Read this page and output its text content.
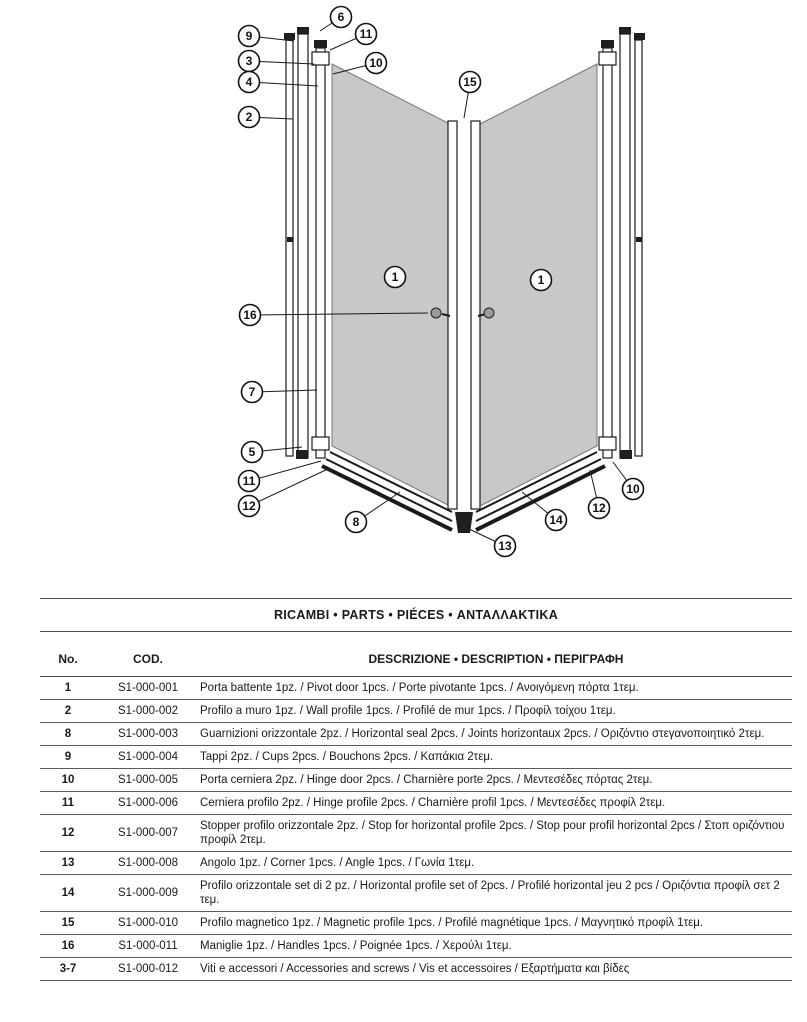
6
9
3
4
2
11
10
15
1	1
16
7
5
11
12
8
13
14
12
10
RICAMBI • PARTS • PIÉCES • ΑΝΤΑΛΛΑΚΤΙΚΑ
No.	COD.	DESCRIZIONE • DESCRIPTION • ΠΕΡΙΓΡΑΦΗ
1	S1-000-001	Porta battente 1pz. / Pivot door 1pcs. / Porte pivotante 1pcs. / Ανοιγόμενη πόρτα 1τεμ.
2	S1-000-002	Profilo a muro 1pz. / Wall profile 1pcs. / Profilé de mur 1pcs. / Προφίλ τοίχου 1τεμ.
8	S1-000-003	Guarnizioni orizzontale 2pz. / Horizontal seal 2pcs. / Joints horizontaux 2pcs. / Οριζόντιο στεγανοποιητικό 2τεμ.
9	S1-000-004	Tappi 2pz. / Cups 2pcs. / Bouchons 2pcs. / Καπάκια 2τεμ.
10	S1-000-005	Porta cerniera 2pz. / Hinge door 2pcs. / Charnière porte 2pcs. / Μεντεσέδες πόρτας 2τεμ.
11	S1-000-006	Cerniera profilo 2pz. / Hinge profile 2pcs. / Charnière profil 1pcs. / Μεντεσέδες προφίλ 2τεμ.
12	S1-000-007	Stopper profilo orizzontale 2pz. / Stop for horizontal profile 2pcs. / Stop pour profil horizontal 2pcs / Στοπ οριζόντιου προφίλ 2τεμ.
13	S1-000-008	Angolo 1pz. / Corner 1pcs. / Angle 1pcs. / Γωνία 1τεμ.
14	S1-000-009	Profilo orizzontale set di 2 pz. / Horizontal profile set of 2pcs. / Profilé horizontal jeu 2 pcs / Οριζόντια προφίλ σετ 2 τεμ.
15	S1-000-010	Profilo magnetico 1pz. / Magnetic profile 1pcs. / Profilé magnétique 1pcs. / Μαγνητικό προφίλ 1τεμ.
16	S1-000-011	Maniglie 1pz. / Handles 1pcs. / Poignée 1pcs. / Χερούλι 1τεμ.
3-7	S1-000-012	Viti e accessori / Accessories and screws / Vis et accessoires / Εξαρτήματα και βίδες
